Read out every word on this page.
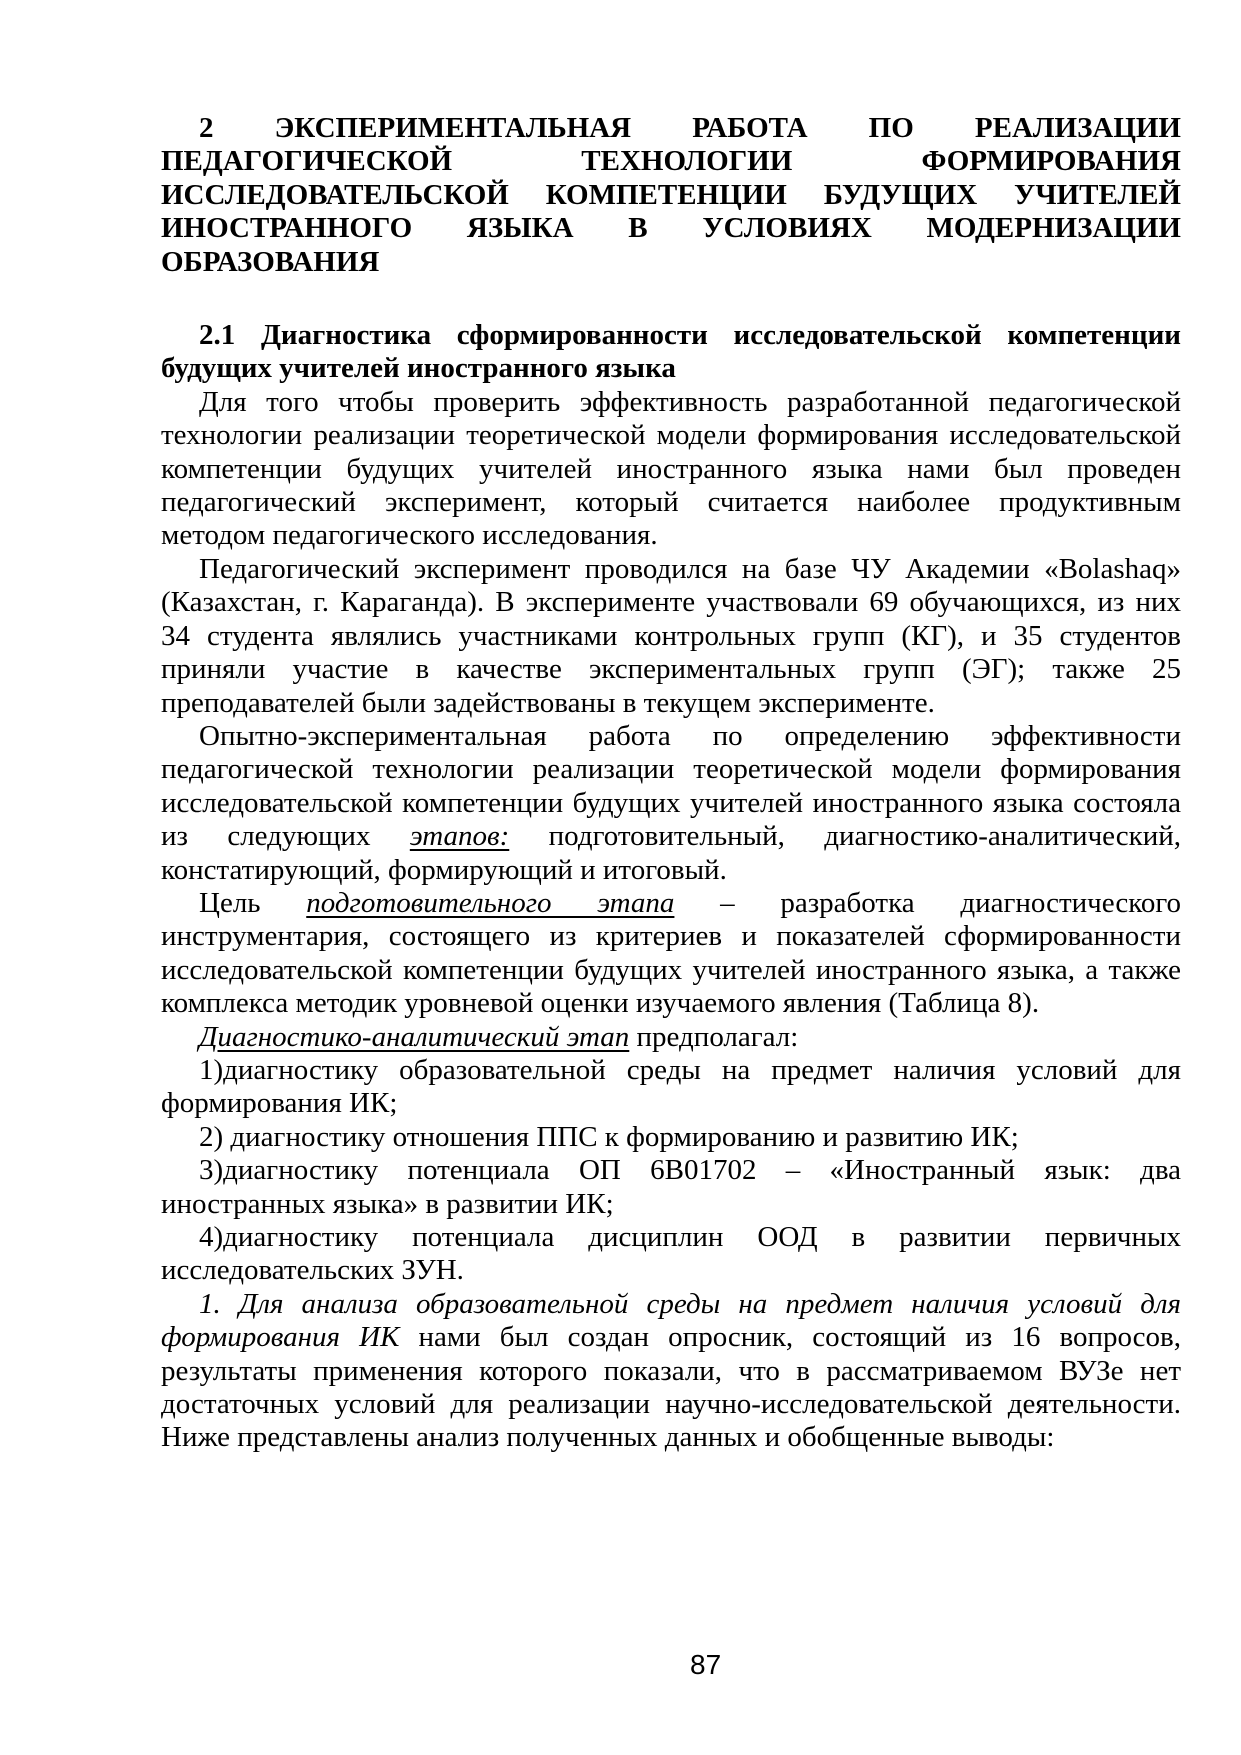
2 ЭКСПЕРИМЕНТАЛЬНАЯ РАБОТА ПО РЕАЛИЗАЦИИ ПЕДАГОГИЧЕСКОЙ ТЕХНОЛОГИИ ФОРМИРОВАНИЯ ИССЛЕДОВАТЕЛЬСКОЙ КОМПЕТЕНЦИИ БУДУЩИХ УЧИТЕЛЕЙ ИНОСТРАННОГО ЯЗЫКА В УСЛОВИЯХ МОДЕРНИЗАЦИИ ОБРАЗОВАНИЯ
2.1 Диагностика сформированности исследовательской компетенции будущих учителей иностранного языка

Для того чтобы проверить эффективность разработанной педагогической технологии реализации теоретической модели формирования исследовательской компетенции будущих учителей иностранного языка нами был проведен педагогический эксперимент, который считается наиболее продуктивным методом педагогического исследования.

Педагогический эксперимент проводился на базе ЧУ Академии «Bolashaq» (Казахстан, г. Караганда). В эксперименте участвовали 69 обучающихся, из них 34 студента являлись участниками контрольных групп (КГ), и 35 студентов приняли участие в качестве экспериментальных групп (ЭГ); также 25 преподавателей были задействованы в текущем эксперименте.

Опытно-экспериментальная работа по определению эффективности педагогической технологии реализации теоретической модели формирования исследовательской компетенции будущих учителей иностранного языка состояла из следующих этапов: подготовительный, диагностико-аналитический, констатирующий, формирующий и итоговый.

Цель подготовительного этапа – разработка диагностического инструментария, состоящего из критериев и показателей сформированности исследовательской компетенции будущих учителей иностранного языка, а также комплекса методик уровневой оценки изучаемого явления (Таблица 8).

Диагностико-аналитический этап предполагал:

1)диагностику образовательной среды на предмет наличия условий для формирования ИК;

2) диагностику отношения ППС к формированию и развитию ИК;

3)диагностику потенциала ОП 6В01702 – «Иностранный язык: два иностранных языка» в развитии ИК;

4)диагностику потенциала дисциплин ООД в развитии первичных исследовательских ЗУН.

1. Для анализа образовательной среды на предмет наличия условий для формирования ИК нами был создан опросник, состоящий из 16 вопросов, результаты применения которого показали, что в рассматриваемом ВУЗе нет достаточных условий для реализации научно-исследовательской деятельности. Ниже представлены анализ полученных данных и обобщенные выводы:

87
